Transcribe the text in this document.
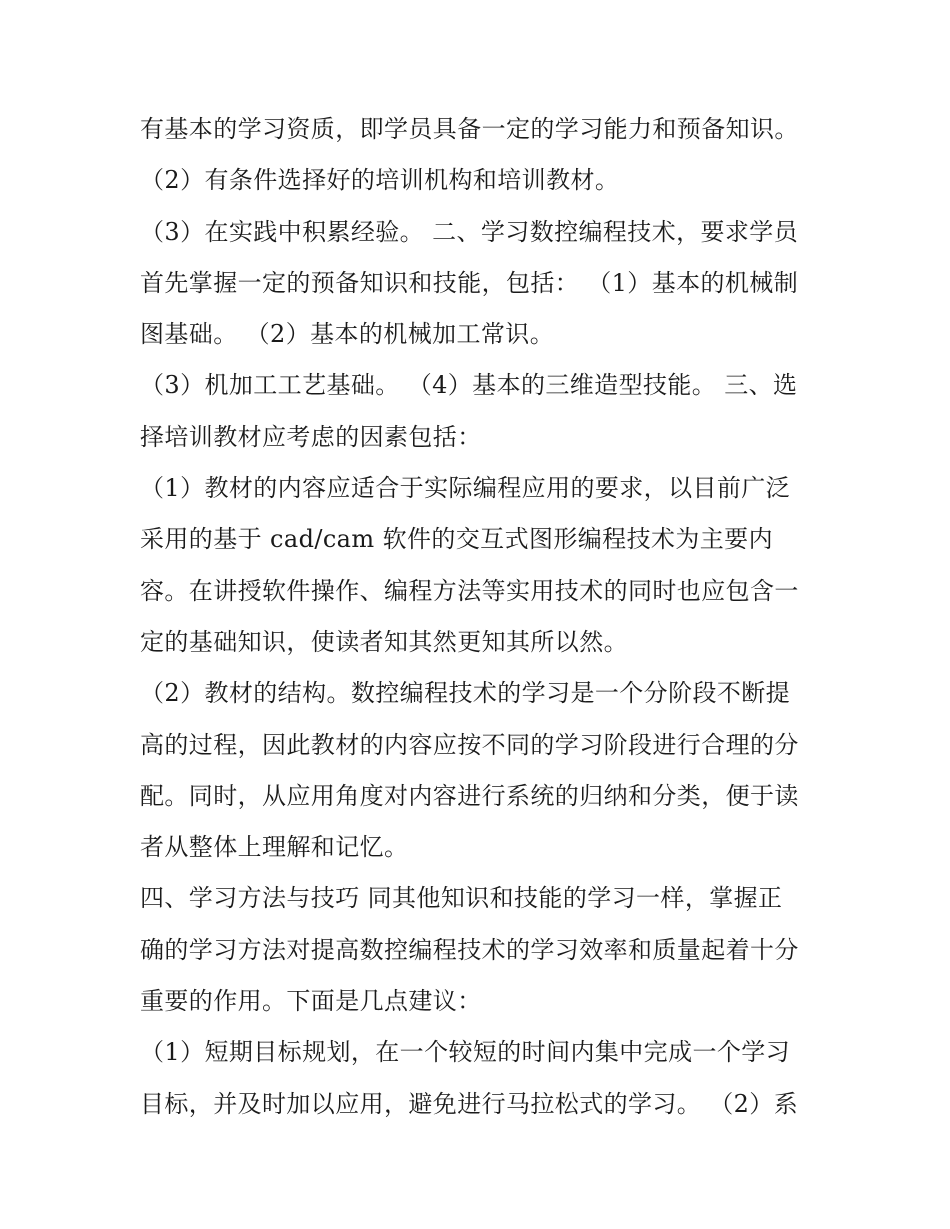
有基本的学习资质，即学员具备一定的学习能力和预备知识。
（2）有条件选择好的培训机构和培训教材。
（3）在实践中积累经验。 二、学习数控编程技术，要求学员
首先掌握一定的预备知识和技能，包括： （1）基本的机械制
图基础。 （2）基本的机械加工常识。
（3）机加工工艺基础。 （4）基本的三维造型技能。 三、选
择培训教材应考虑的因素包括：
（1）教材的内容应适合于实际编程应用的要求，以目前广泛
采用的基于 cad/cam 软件的交互式图形编程技术为主要内
容。在讲授软件操作、编程方法等实用技术的同时也应包含一
定的基础知识，使读者知其然更知其所以然。
（2）教材的结构。数控编程技术的学习是一个分阶段不断提
高的过程，因此教材的内容应按不同的学习阶段进行合理的分
配。同时，从应用角度对内容进行系统的归纳和分类，便于读
者从整体上理解和记忆。
四、学习方法与技巧 同其他知识和技能的学习一样，掌握正
确的学习方法对提高数控编程技术的学习效率和质量起着十分
重要的作用。下面是几点建议：
（1）短期目标规划，在一个较短的时间内集中完成一个学习
目标，并及时加以应用，避免进行马拉松式的学习。 （2）系
